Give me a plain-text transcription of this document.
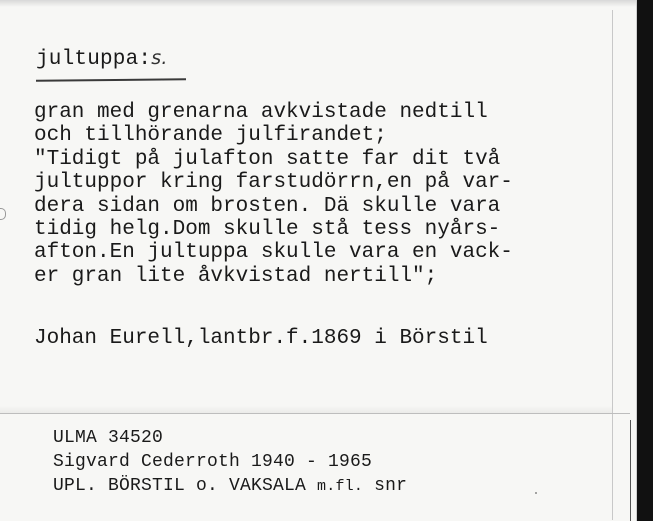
jultuppa:s.
gran med grenarna avkvistade nedtill
och tillhörande julfirandet;
"Tidigt på julafton satte far dit två
jultuppor kring farstudörrn,en på var-
dera sidan om brosten. Dä skulle vara
tidig helg.Dom skulle stå tess nyårs-
afton.En jultuppa skulle vara en vack-
er gran lite åvkvistad nertill";
Johan Eurell,lantbr.f.1869 i Börstil
ULMA 34520
Sigvard Cederroth 1940 - 1965
UPL. BÖRSTIL o. VAKSALA m.fl. snr
